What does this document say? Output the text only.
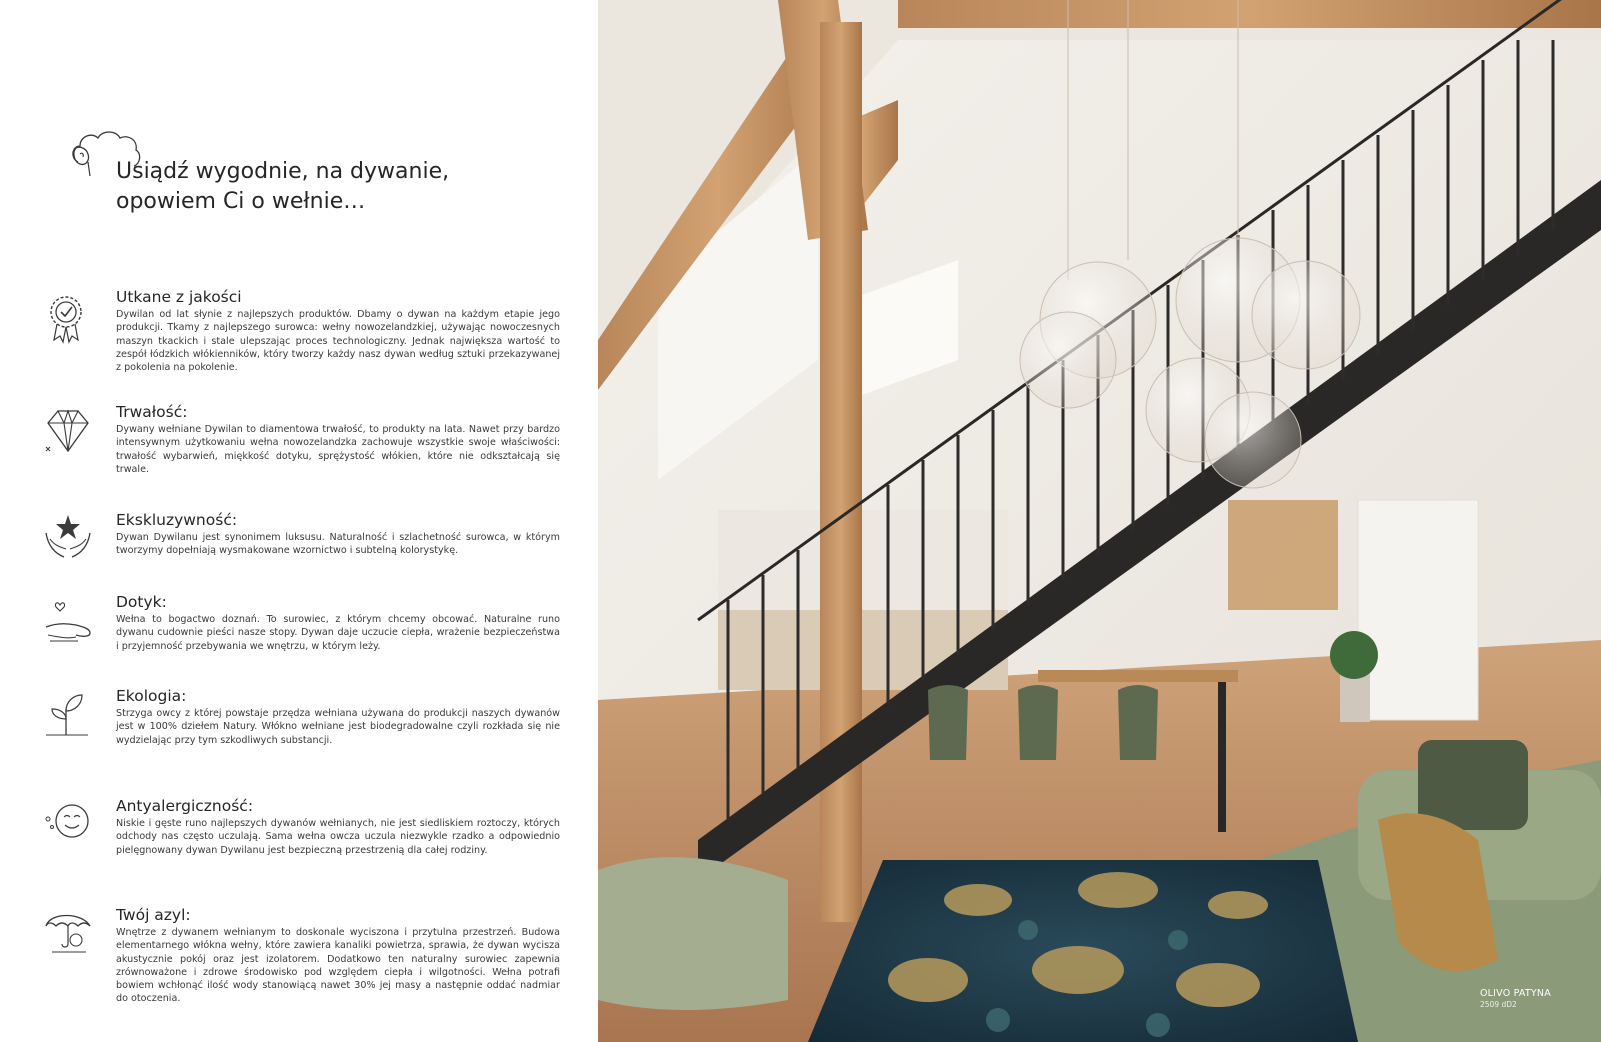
Usiądź wygodnie, na dywanie,
opowiem Ci o wełnie…
Utkane z jakości

Dywilan od lat słynie z najlepszych produktów. Dbamy o dywan na każdym etapie jego produkcji. Tkamy z najlepszego surowca: wełny nowozelandzkiej, używając nowoczesnych maszyn tkackich i stale ulepszając proces technologiczny. Jednak największa wartość to zespół łódzkich włókienników, który tworzy każdy nasz dywan według sztuki przekazywanej z pokolenia na pokolenie.

Trwałość:

Dywany wełniane Dywilan to diamentowa trwałość, to produkty na lata. Nawet przy bardzo intensywnym użytkowaniu wełna nowozelandzka zachowuje wszystkie swoje właściwości: trwałość wybarwień, miękkość dotyku, sprężystość włókien, które nie odkształcają się trwale.

Ekskluzywność:

Dywan Dywilanu jest synonimem luksusu. Naturalność i szlachetność surowca, w którym tworzymy dopełniają wysmakowane wzornictwo i subtelną kolorystykę.

Dotyk:

Wełna to bogactwo doznań. To surowiec, z którym chcemy obcować. Naturalne runo dywanu cudownie pieści nasze stopy. Dywan daje uczucie ciepła, wrażenie bezpieczeństwa i przyjemność przebywania we wnętrzu, w którym leży.

Ekologia:

Strzyga owcy z której powstaje przędza wełniana używana do produkcji naszych dywanów jest w 100% dziełem Natury. Włókno wełniane jest biodegradowalne czyli rozkłada się nie wydzielając przy tym szkodliwych substancji.

Antyalergiczność:

Niskie i gęste runo najlepszych dywanów wełnianych, nie jest siedliskiem roztoczy, których odchody nas często uczulają. Sama wełna owcza uczula niezwykle rzadko a odpowiednio pielęgnowany dywan Dywilanu jest bezpieczną przestrzenią dla całej rodziny.

Twój azyl:

Wnętrze z dywanem wełnianym to doskonale wyciszona i przytulna przestrzeń. Budowa elementarnego włókna wełny, które zawiera kanaliki powietrza, sprawia, że dywan wycisza akustycznie pokój oraz jest izolatorem. Dodatkowo ten naturalny surowiec zapewnia zrównoważone i zdrowe środowisko pod względem ciepła i wilgotności. Wełna potrafi bowiem wchłonąć ilość wody stanowiącą nawet 30% jej masy a następnie oddać nadmiar do otoczenia.	OLIVO PATYNA
2509 dD2
